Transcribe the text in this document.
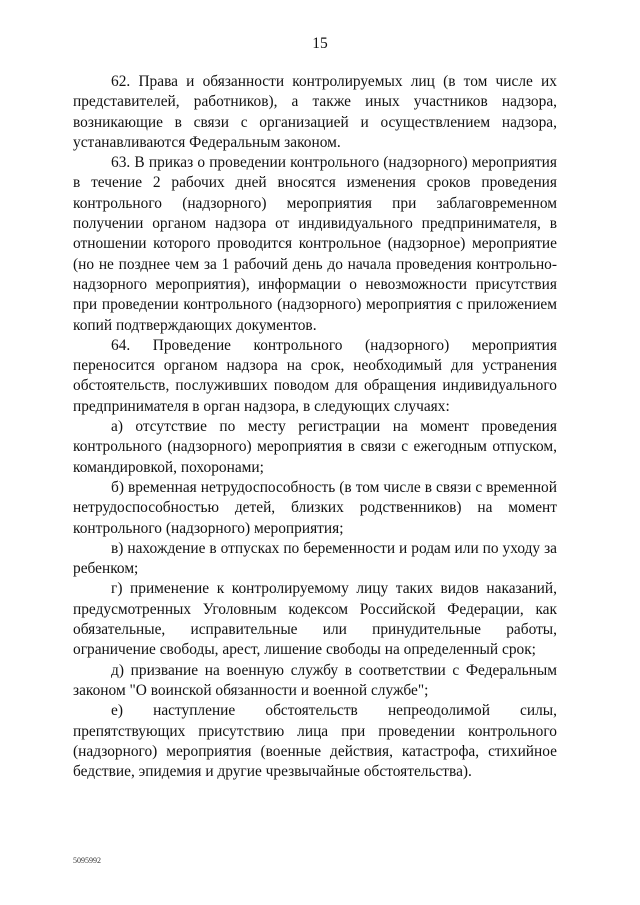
15

62. Права и обязанности контролируемых лиц (в том числе их представителей, работников), а также иных участников надзора, возникающие в связи с организацией и осуществлением надзора, устанавливаются Федеральным законом.

63. В приказ о проведении контрольного (надзорного) мероприятия в течение 2 рабочих дней вносятся изменения сроков проведения контрольного (надзорного) мероприятия при заблаговременном получении органом надзора от индивидуального предпринимателя, в отношении которого проводится контрольное (надзорное) мероприятие (но не позднее чем за 1 рабочий день до начала проведения контрольно-надзорного мероприятия), информации о невозможности присутствия при проведении контрольного (надзорного) мероприятия с приложением копий подтверждающих документов.

64. Проведение контрольного (надзорного) мероприятия переносится органом надзора на срок, необходимый для устранения обстоятельств, послуживших поводом для обращения индивидуального предпринимателя в орган надзора, в следующих случаях:

а) отсутствие по месту регистрации на момент проведения контрольного (надзорного) мероприятия в связи с ежегодным отпуском, командировкой, похоронами;

б) временная нетрудоспособность (в том числе в связи с временной нетрудоспособностью детей, близких родственников) на момент контрольного (надзорного) мероприятия;

в) нахождение в отпусках по беременности и родам или по уходу за ребенком;

г) применение к контролируемому лицу таких видов наказаний, предусмотренных Уголовным кодексом Российской Федерации, как обязательные, исправительные или принудительные работы, ограничение свободы, арест, лишение свободы на определенный срок;

д) призвание на военную службу в соответствии с Федеральным законом "О воинской обязанности и военной службе";

е) наступление обстоятельств непреодолимой силы, препятствующих присутствию лица при проведении контрольного (надзорного) мероприятия (военные действия, катастрофа, стихийное бедствие, эпидемия и другие чрезвычайные обстоятельства).

5095992
